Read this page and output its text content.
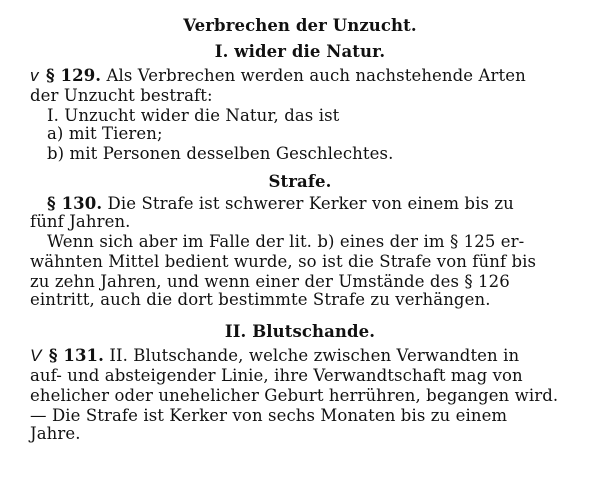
Verbrechen der Unzucht.
I. wider die Natur.
v § 129. Als Verbrechen werden auch nachstehende Arten
der Unzucht bestraft:
I. Unzucht wider die Natur, das ist
a) mit Tieren;
b) mit Personen desselben Geschlechtes.
Strafe.
§ 130. Die Strafe ist schwerer Kerker von einem bis zu
fünf Jahren.
Wenn sich aber im Falle der lit. b) eines der im § 125 er-
wähnten Mittel bedient wurde, so ist die Strafe von fünf bis
zu zehn Jahren, und wenn einer der Umstände des § 126
eintritt, auch die dort bestimmte Strafe zu verhängen.
II. Blutschande.
V § 131. II. Blutschande, welche zwischen Verwandten in
auf- und absteigender Linie, ihre Verwandtschaft mag von
ehelicher oder unehelicher Geburt herrühren, begangen wird.
— Die Strafe ist Kerker von sechs Monaten bis zu einem
Jahre.
